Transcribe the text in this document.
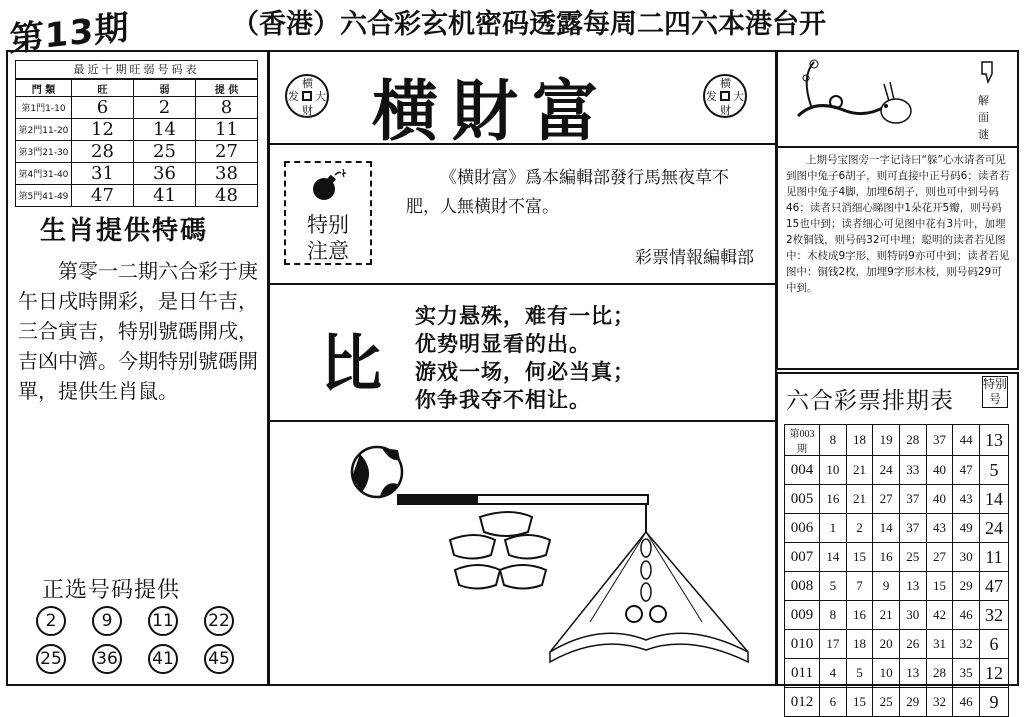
第13期	（香港）六合彩玄机密码透露每周二四六本港台开
最近十期旺弱号码表
門 類	旺	弱	提 供
第1門1-10	6	2	8
第2門11-20	12	14	11
第3門21-30	28	25	27
第4門31-40	31	36	38
第5門41-49	47	41	48
生肖提供特碼
第零一二期六合彩于庚午日戌時開彩，是日午吉，三合寅吉，特别號碼開戌，吉凶中濟。今期特别號碼開單，提供生肖鼠。
正选号码提供
2	9	11 22
25 36 41 45
横
大
财
发 横財富	横
大
财
发
特别
注意
《横財富》爲本編輯部發行馬無夜草不肥，人無横財不富。
彩票情報編輯部
比
实力悬殊，难有一比；
优势明显看的出。
游戏一场，何必当真；
你争我夺不相让。
解面谜
上期号宝图旁一字记诗曰“躲”心水请者可见到图中兔子6胡子，则可直接中正号码6；读者若见图中兔子4脚，加埋6胡子，则也可中到号码46；读者只消细心睇图中1朵花开5瓣，则号码15也中到；读者细心可见图中花有3片叶，加埋2枚铜钱，则号码32可中埋；聪明的读者若见图中：木枝成9字形，则特码9亦可中到；读者若见图中：铜钱2枚，加埋9字形木枝，则号码29可中到。
六合彩票排期表
特别号
第003期	8	18	19	28	37	44	13
004	10	21	24	33	40	47	5
005	16	21	27	37	40	43	14
006	1	2	14	37	43	49	24
007	14	15	16	25	27	30	11
008	5	7	9	13	15	29	47
009	8	16	21	30	42	46	32
010	17	18	20	26	31	32	6
011	4	5	10	13	28	35	12
012	6	15	25	29	32	46	9
